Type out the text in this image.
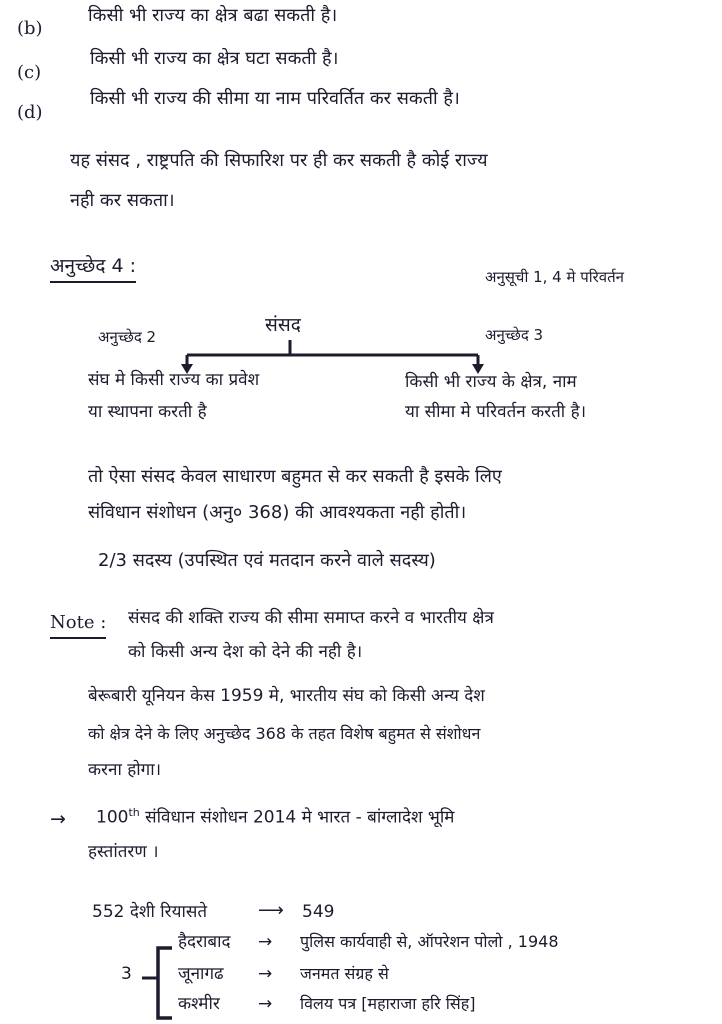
(b)
किसी भी राज्य का क्षेत्र बढा सकती है।
(c)
किसी भी राज्य का क्षेत्र घटा सकती है।
(d)
किसी भी राज्य की सीमा या नाम परिवर्तित कर सकती है।
यह संसद , राष्ट्रपति की सिफारिश पर ही कर सकती है कोई राज्य
नही कर सकता।
अनुच्छेद 4 :	अनुसूची 1, 4 मे परिवर्तन
संसद
अनुच्छेद 2	अनुच्छेद 3
संघ मे किसी राज्य का प्रवेश
या स्थापना करती है
किसी भी राज्य के क्षेत्र, नाम
या सीमा मे परिवर्तन करती है।
तो ऐसा संसद केवल साधारण बहुमत से कर सकती है इसके लिए
संविधान संशोधन (अनु० 368) की आवश्यकता नही होती।
2/3 सदस्य (उपस्थित एवं मतदान करने वाले सदस्य)
Note : संसद की शक्ति राज्य की सीमा समाप्त करने व भारतीय क्षेत्र
को किसी अन्य देश को देने की नही है।
बेरूबारी यूनियन केस 1959 मे, भारतीय संघ को किसी अन्य देश
को क्षेत्र देने के लिए अनुच्छेद 368 के तहत विशेष बहुमत से संशोधन
करना होगा।
→ 100th संविधान संशोधन 2014 मे भारत - बांग्लादेश भूमि
हस्तांतरण ।
552 देशी रियासते	⟶ 549
3
हैदराबाद → पुलिस कार्यवाही से, ऑपरेशन पोलो , 1948
जूनागढ → जनमत संग्रह से
कश्मीर → विलय पत्र [महाराजा हरि सिंह]
